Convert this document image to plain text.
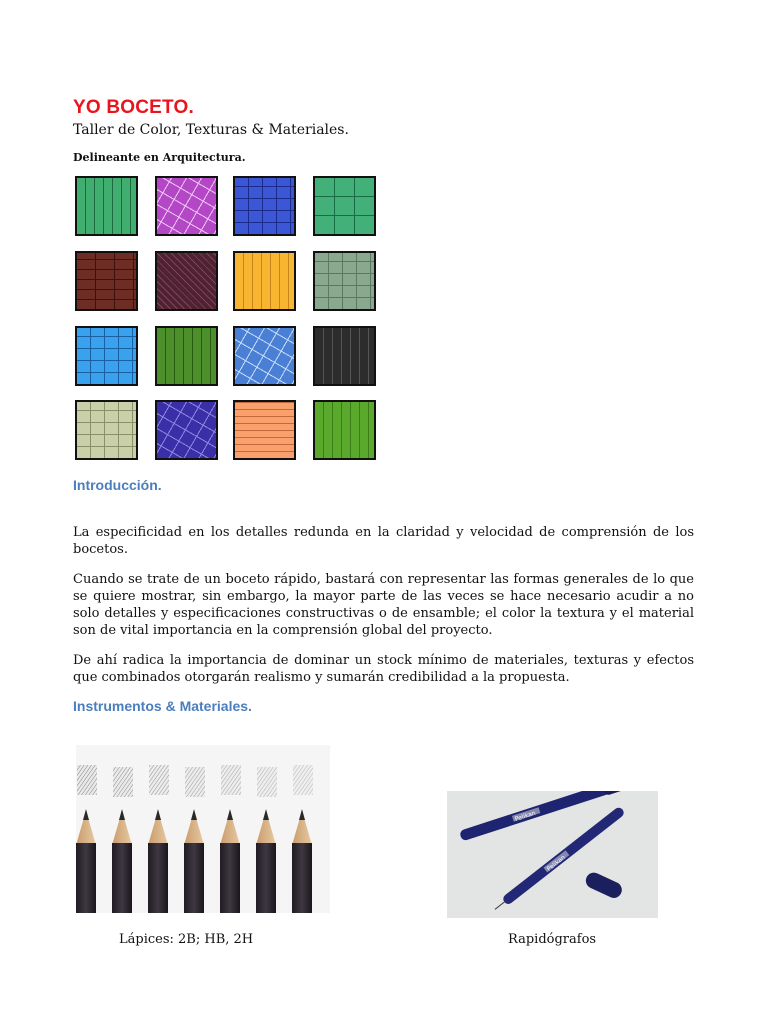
YO BOCETO.
Taller de Color, Texturas & Materiales.
Delineante en Arquitectura.
Introducción.

La especificidad en los detalles redunda en la claridad y velocidad de comprensión de los bocetos.

Cuando se trate de un boceto rápido, bastará con representar las formas generales de lo que se quiere mostrar, sin embargo, la mayor parte de las veces se hace necesario acudir a no solo detalles y especificaciones constructivas o de ensamble; el color la textura y el material son de vital importancia en la comprensión global del proyecto.

De ahí radica la importancia de dominar un stock mínimo de materiales, texturas y efectos que combinados otorgarán realismo y sumarán credibilidad a la propuesta.

Instrumentos & Materiales.
Pelikan
Pelikan
Lápices: 2B; HB, 2H	Rapidógrafos
